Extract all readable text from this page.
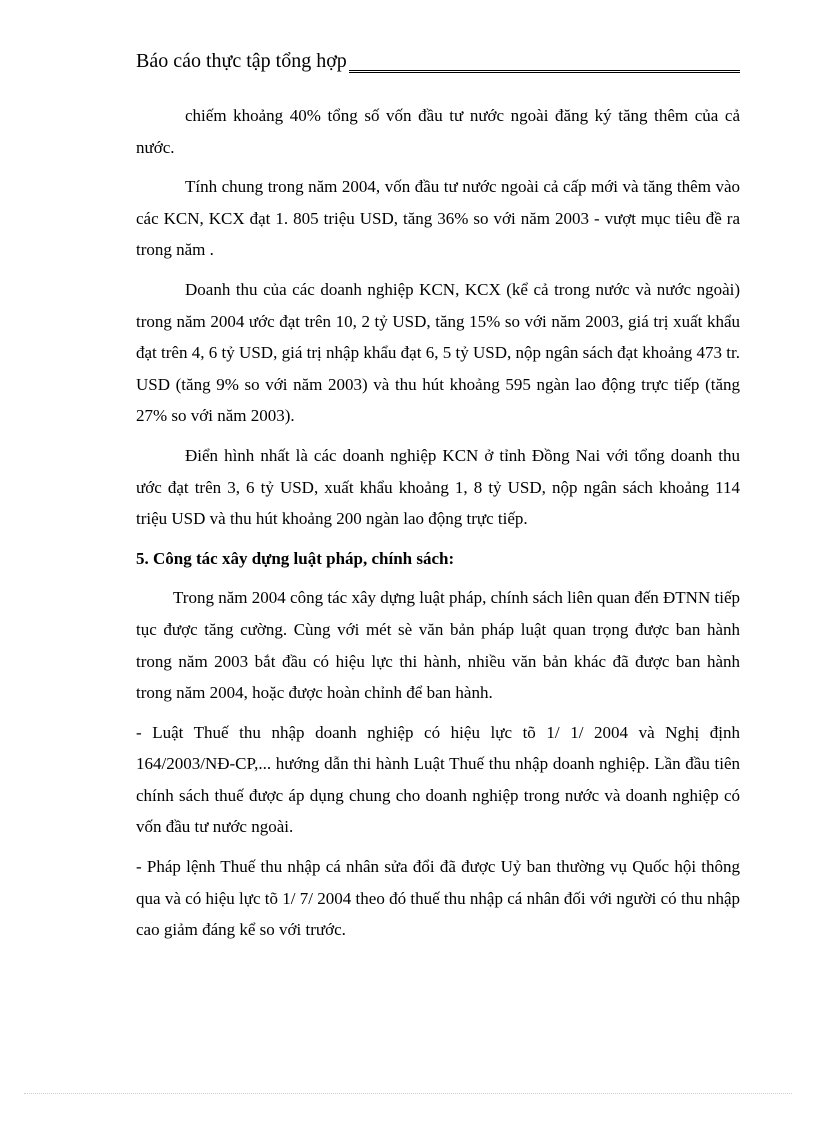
Báo cáo thực tập tổng hợp

chiếm khoảng 40% tổng số vốn đầu tư nước ngoài đăng ký tăng thêm của cả nước.

Tính chung trong năm 2004, vốn đầu tư nước ngoài cả cấp mới và tăng thêm vào các KCN, KCX đạt 1. 805 triệu USD, tăng 36% so với năm 2003 - vượt mục tiêu đề ra trong năm .

Doanh thu của các doanh nghiệp KCN, KCX (kể cả trong nước và nước ngoài) trong năm 2004 ước đạt trên 10, 2 tỷ USD, tăng 15% so với năm 2003, giá trị xuất khẩu đạt trên 4, 6 tỷ USD, giá trị nhập khẩu đạt 6, 5 tỷ USD, nộp ngân sách đạt khoảng 473 tr. USD (tăng 9% so với năm 2003) và thu hút khoảng 595 ngàn lao động trực tiếp (tăng 27% so với năm 2003).

Điển hình nhất là các doanh nghiệp KCN ở tỉnh Đồng Nai với tổng doanh thu ước đạt trên 3, 6 tỷ USD, xuất khẩu khoảng 1, 8 tỷ USD, nộp ngân sách khoảng 114 triệu USD và thu hút khoảng 200 ngàn lao động trực tiếp.

5. Công tác xây dựng luật pháp, chính sách:

Trong năm 2004 công tác xây dựng luật pháp, chính sách liên quan đến ĐTNN tiếp tục được tăng cường. Cùng với mét sè văn bản pháp luật quan trọng được ban hành trong năm 2003 bắt đầu có hiệu lực thi hành, nhiều văn bản khác đã được ban hành trong năm 2004, hoặc được hoàn chỉnh để ban hành.

- Luật Thuế thu nhập doanh nghiệp có hiệu lực tõ 1/ 1/ 2004 và Nghị định 164/2003/NĐ-CP,... hướng dẫn thi hành Luật Thuế thu nhập doanh nghiệp. Lần đầu tiên chính sách thuế được áp dụng chung cho doanh nghiệp trong nước và doanh nghiệp có vốn đầu tư nước ngoài.

- Pháp lệnh Thuế thu nhập cá nhân sửa đổi đã được Uỷ ban thường vụ Quốc hội thông qua và có hiệu lực tõ 1/ 7/ 2004 theo đó thuế thu nhập cá nhân đối với người có thu nhập cao giảm đáng kể so với trước.
